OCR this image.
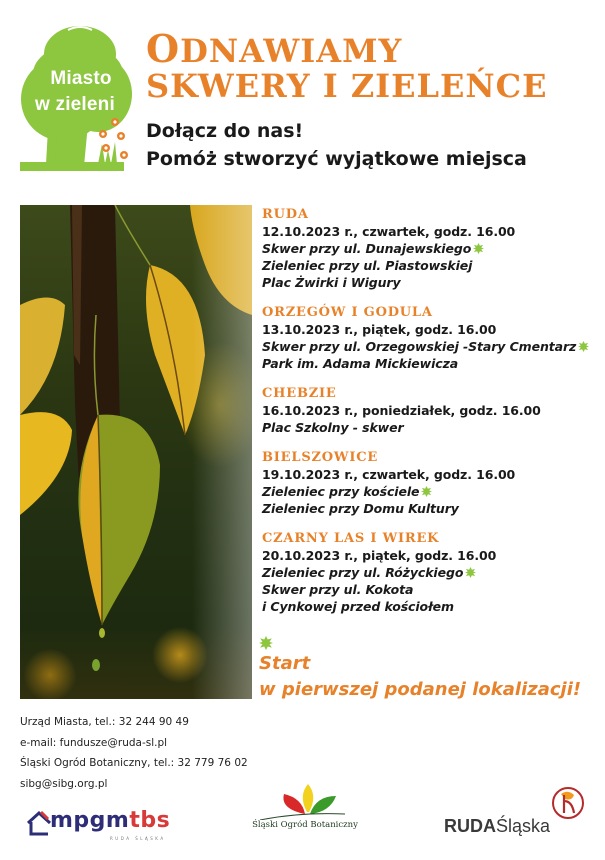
Miasto
w zieleni
ODNAWIAMY
SKWERY I ZIELEŃCE
Dołącz do nas!
Pomóż stworzyć wyjątkowe miejsca
RUDA
12.10.2023 r., czwartek, godz. 16.00
Skwer przy ul. Dunajewskiego
Zieleniec przy ul. Piastowskiej
Plac Żwirki i Wigury
ORZEGÓW I GODULA
13.10.2023 r., piątek, godz. 16.00
Skwer przy ul. Orzegowskiej -Stary Cmentarz
Park im. Adama Mickiewicza
CHEBZIE
16.10.2023 r., poniedziałek, godz. 16.00
Plac Szkolny - skwer
BIELSZOWICE
19.10.2023 r., czwartek, godz. 16.00
Zieleniec przy kościele
Zieleniec przy Domu Kultury
CZARNY LAS I WIREK
20.10.2023 r., piątek, godz. 16.00
Zieleniec przy ul. Różyckiego
Skwer przy ul. Kokota
i Cynkowej przed kościołem
Start
w pierwszej podanej lokalizacji!
Urząd Miasta, tel.: 32 244 90 49
e-mail: fundusze@ruda-sl.pl
Śląski Ogród Botaniczny, tel.: 32 779 76 02
sibg@sibg.org.pl
mpgmtbs
RUDA ŚLĄSKA
Śląski Ogród Botaniczny	RUDAŚląska
